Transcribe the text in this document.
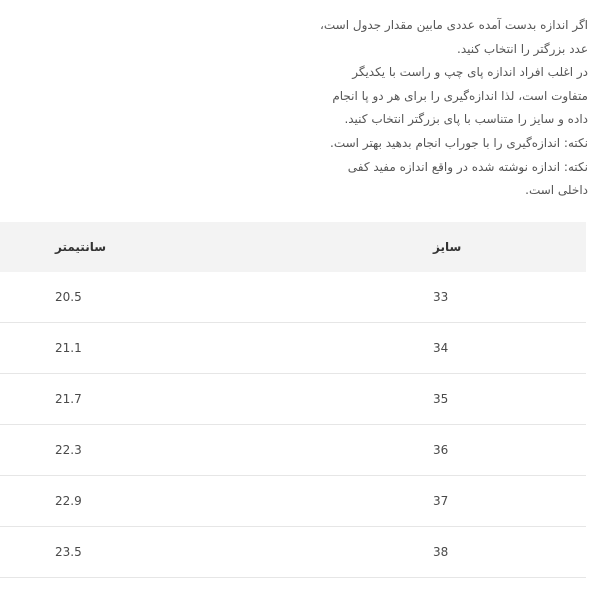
اگر اندازه بدست آمده عددی مابین مقدار جدول است،

عدد بزرگتر را انتخاب کنید.

در اغلب افراد اندازه پای چپ و راست با یکدیگر

متفاوت است، لذا اندازه‌گیری را برای هر دو پا انجام

داده و سایز را متناسب با پای بزرگتر انتخاب کنید.

نکته: اندازه‌گیری را با جوراب انجام بدهید بهتر است.

نکته: اندازه نوشته شده در واقع اندازه مفید کفی

داخلی است.

سانتیمتر	سایز
20.5	33
21.1	34
21.7	35
22.3	36
22.9	37
23.5	38
